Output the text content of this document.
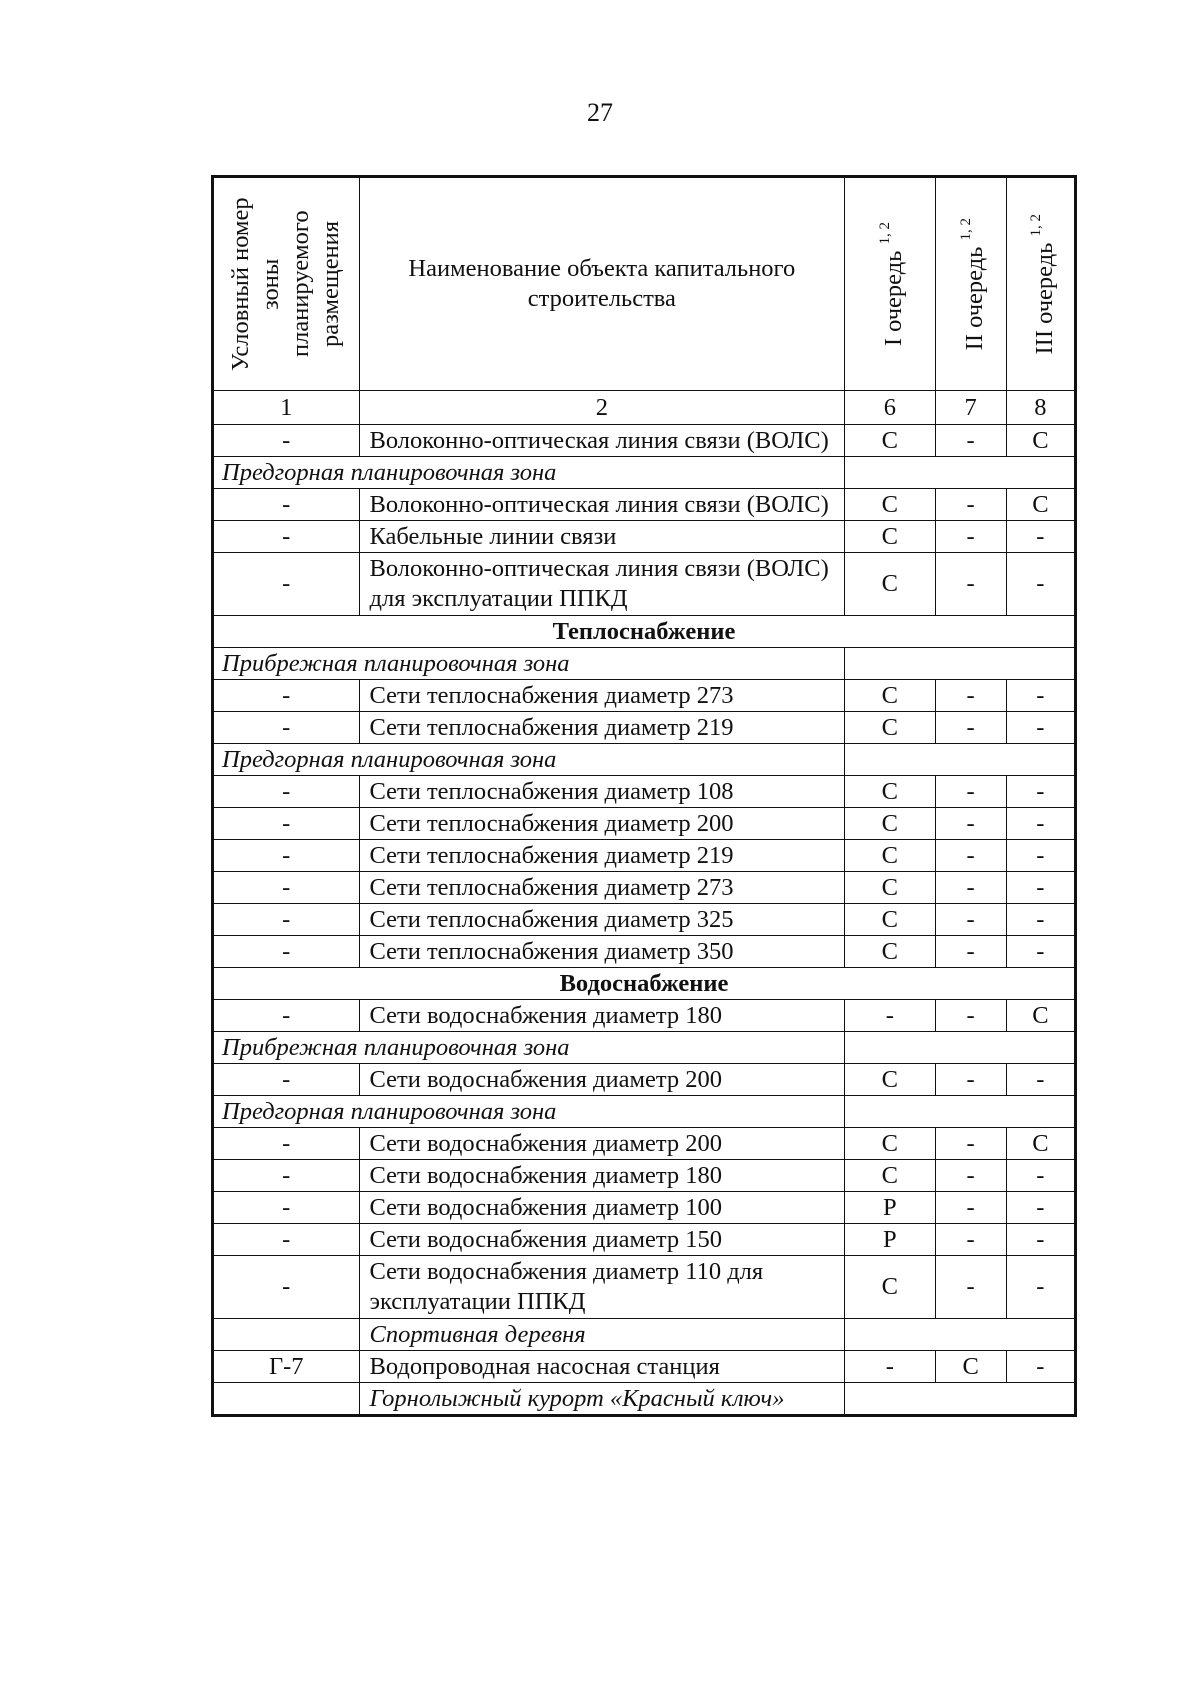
27
Условный номер зоны планируемого размещения	Наименование объекта капитального строительства	I очередь $^{1, 2}$	II очередь $^{1, 2}$	III очередь $^{1, 2}$

1	2	6	7	8
-	Волоконно-оптическая линия связи (ВОЛС)	С	-	С
Предгорная планировочная зона				
-	Волоконно-оптическая линия связи (ВОЛС)	С	-	С
-	Кабельные линии связи	С	-	-
-	Волоконно-оптическая линия связи (ВОЛС) для эксплуатации ППКД	С	-	-
Теплоснабжение				
Прибрежная планировочная зона				
-	Сети теплоснабжения диаметр 273	С	-	-
-	Сети теплоснабжения диаметр 219	С	-	-
Предгорная планировочная зона				
-	Сети теплоснабжения диаметр 108	С	-	-
-	Сети теплоснабжения диаметр 200	С	-	-
-	Сети теплоснабжения диаметр 219	С	-	-
-	Сети теплоснабжения диаметр 273	С	-	-
-	Сети теплоснабжения диаметр 325	С	-	-
-	Сети теплоснабжения диаметр 350	С	-	-
Водоснабжение				
-	Сети водоснабжения диаметр 180	-	-	С
Прибрежная планировочная зона				
-	Сети водоснабжения диаметр 200	С	-	-
Предгорная планировочная зона				
-	Сети водоснабжения диаметр 200	С	-	С
-	Сети водоснабжения диаметр 180	С	-	-
-	Сети водоснабжения диаметр 100	Р	-	-
-	Сети водоснабжения диаметр 150	Р	-	-
-	Сети водоснабжения диаметр 110 для эксплуатации ППКД	С	-	-
	Спортивная деревня			
Г-7	Водопроводная насосная станция	-	С	-
	Горнолыжный курорт «Красный ключ»			
